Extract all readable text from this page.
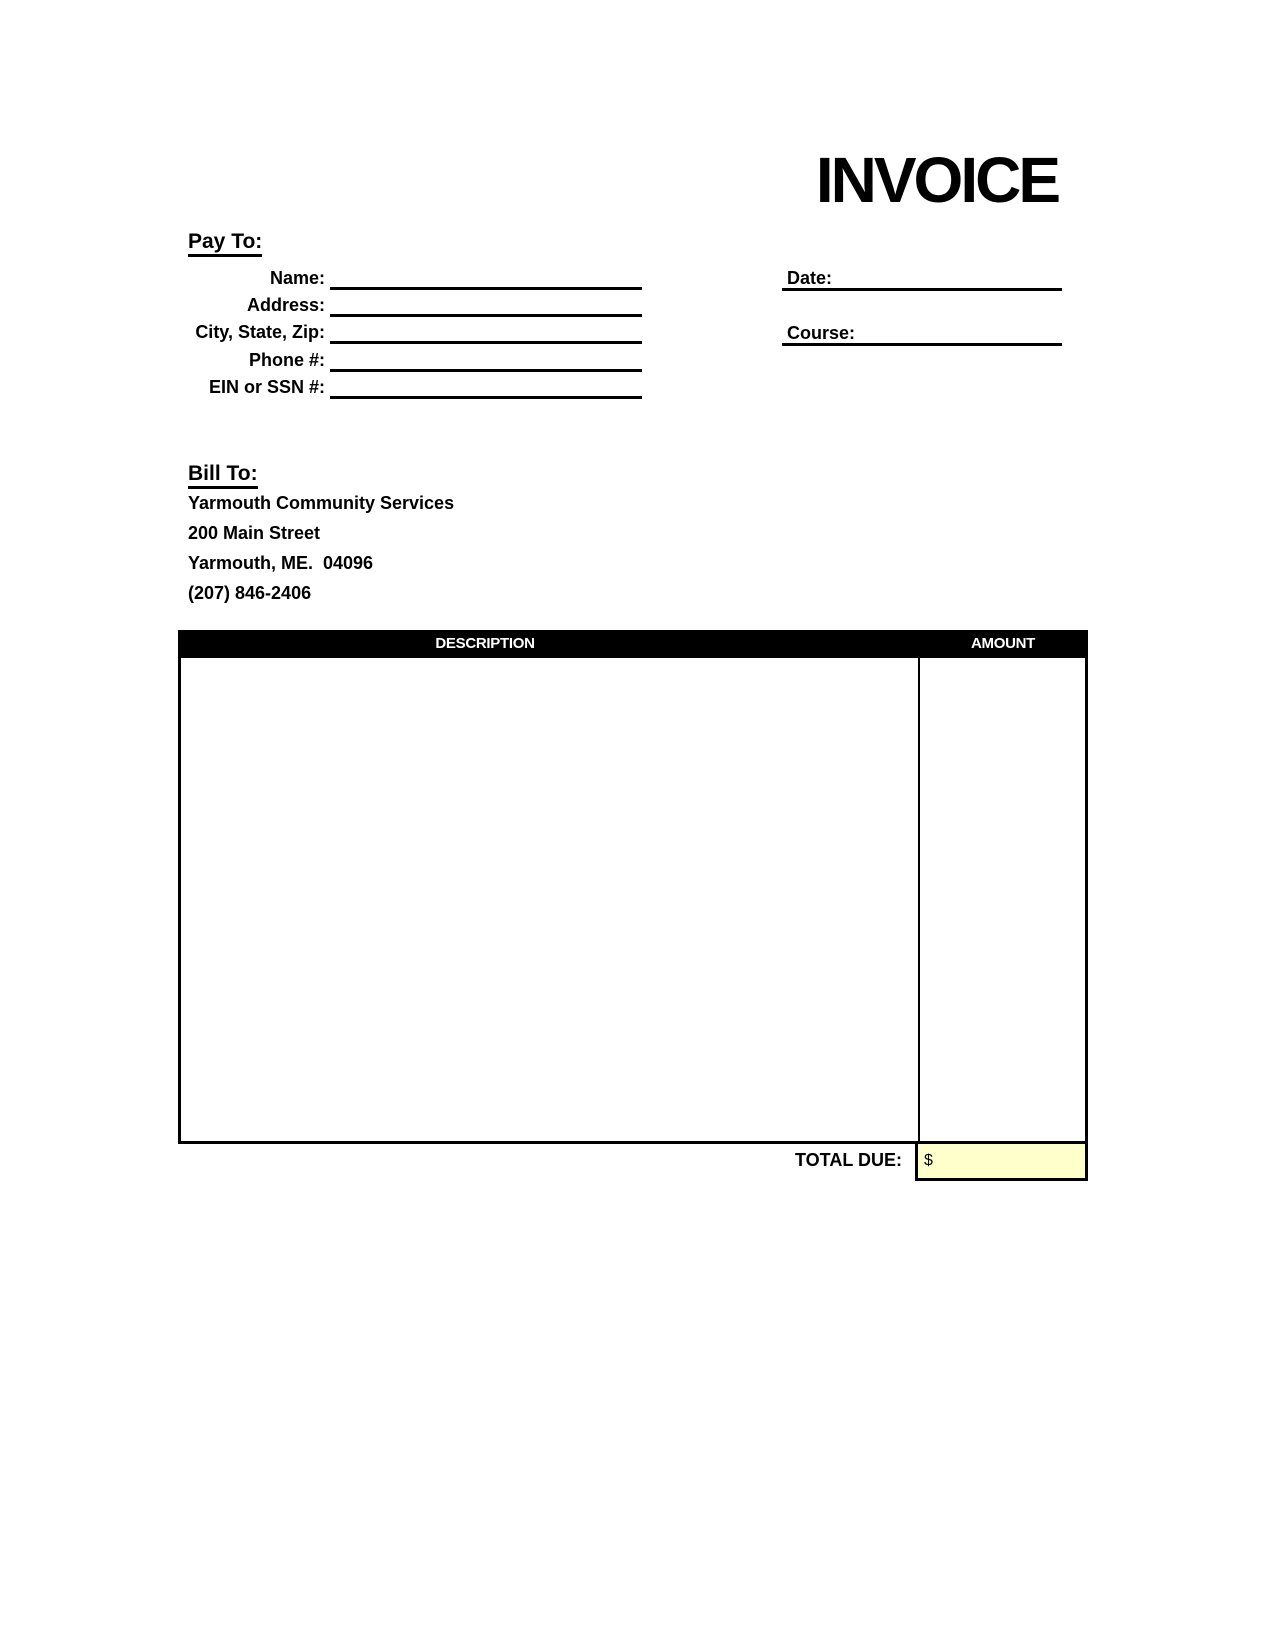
INVOICE
Pay To:
Name:
Address:
City, State, Zip:
Phone #:
EIN or SSN #:
Date:
Course:
Bill To:
Yarmouth Community Services
200 Main Street
Yarmouth, ME.  04096
(207) 846-2406
DESCRIPTION	AMOUNT
TOTAL DUE:	$
